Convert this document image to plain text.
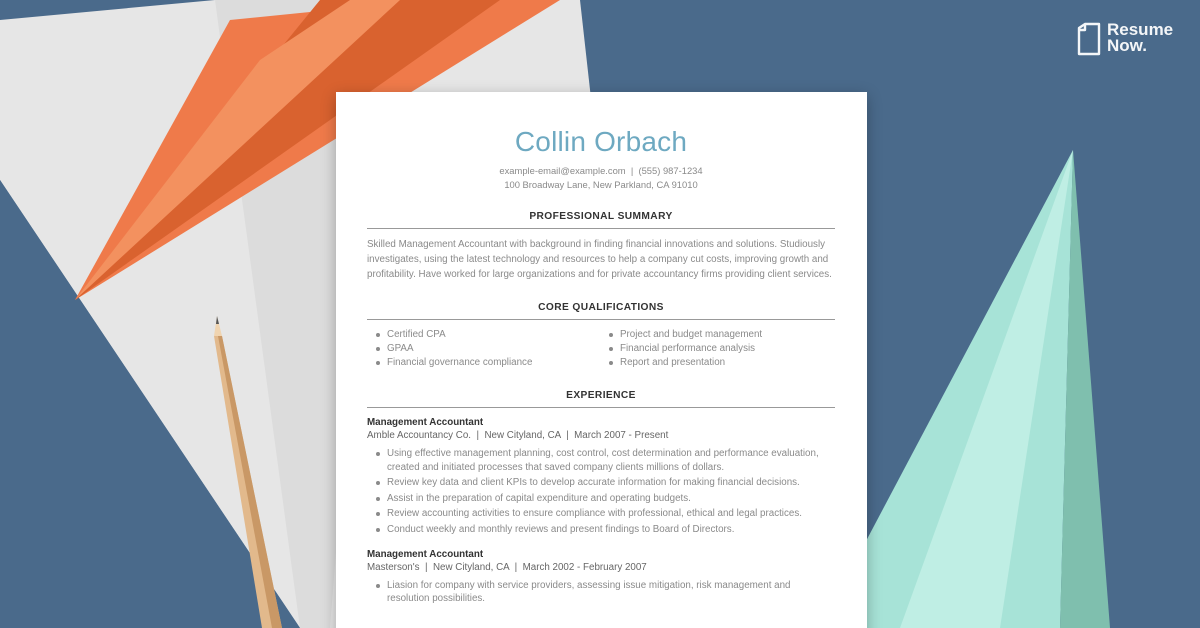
Resume
Now.
Collin Orbach
example-email@example.com  |  (555) 987-1234
100 Broadway Lane, New Parkland, CA 91010
PROFESSIONAL SUMMARY

Skilled Management Accountant with background in finding financial innovations and solutions. Studiously investigates, using the latest technology and resources to help a company cut costs, improving growth and profitability. Have worked for large organizations and for private accountancy firms providing client services.

CORE QUALIFICATIONS
Certified CPA
GPAA
Financial governance compliance
Project and budget management
Financial performance analysis
Report and presentation
EXPERIENCE
Management Accountant
Amble Accountancy Co.  |  New Cityland, CA  |  March 2007 - Present
Using effective management planning, cost control, cost determination and performance evaluation, created and initiated processes that saved company clients millions of dollars.
Review key data and client KPIs to develop accurate information for making financial decisions.
Assist in the preparation of capital expenditure and operating budgets.
Review accounting activities to ensure compliance with professional, ethical and legal practices.
Conduct weekly and monthly reviews and present findings to Board of Directors.
Management Accountant
Masterson's  |  New Cityland, CA  |  March 2002 - February 2007
Liasion for company with service providers, assessing issue mitigation, risk management and resolution possibilities.
